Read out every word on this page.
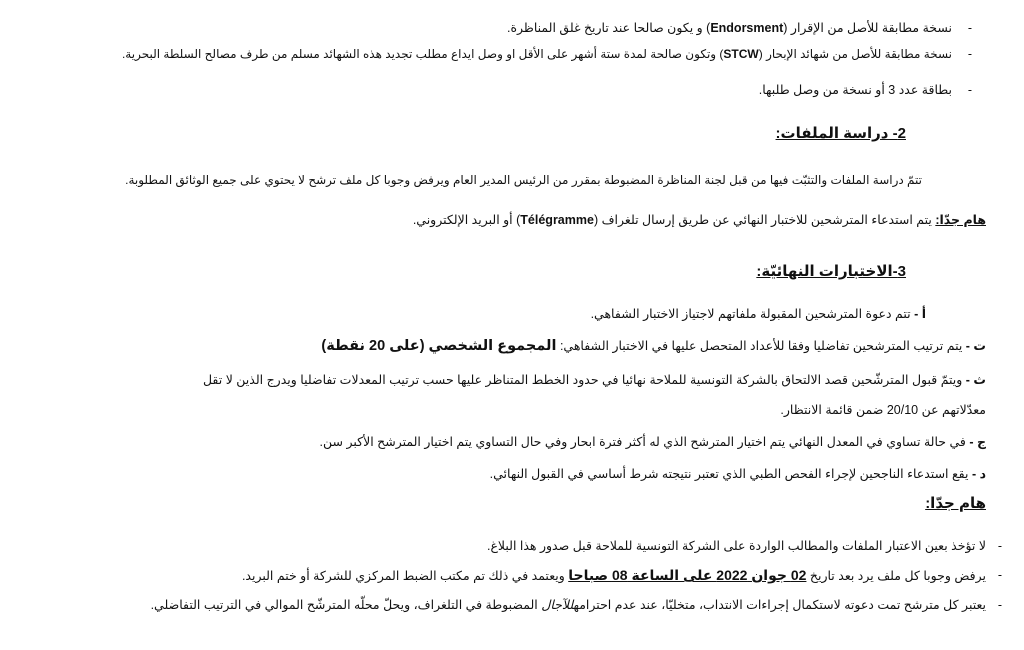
-
نسخة مطابقة للأصل من الإقرار (Endorsment) و يكون صالحا عند تاريخ غلق المناظرة.
-
نسخة مطابقة للأصل من شهائد الإبحار (STCW) وتكون صالحة لمدة ستة أشهر على الأقل او وصل ايداع مطلب تجديد هذه الشهائد مسلم من طرف مصالح السلطة البحرية.
-
بطاقة عدد 3 أو نسخة من وصل طلبها.
2- دراسة الملفات:
تتمّ دراسة الملفات والتثبّت فيها من قبل لجنة المناظرة المضبوطة بمقرر من الرئيس المدير العام ويرفض وجوبا كل ملف ترشح لا يحتوي على جميع الوثائق المطلوبة.
هام جدّا: يتم استدعاء المترشحين للاختبار النهائي عن طريق إرسال تلغراف (Télégramme) أو البريد الإلكتروني.
3-الاختبارات النهائيّة:
أ - تتم دعوة المترشحين المقبولة ملفاتهم لاجتياز الاختبار الشفاهي.
ت - يتم ترتيب المترشحين تفاضليا وفقا للأعداد المتحصل عليها في الاختبار الشفاهي: المجموع الشخصي (على 20 نقطة)
ث - ويتمّ قبول المترشّحين قصد الالتحاق بالشركة التونسية للملاحة نهائيا في حدود الخطط المتناظر عليها حسب ترتيب المعدلات تفاضليا ويدرج الذين لا تقل
معدّلاتهم عن 20/10 ضمن قائمة الانتظار.
ج - في حالة تساوي في المعدل النهائي يتم اختيار المترشح الذي له أكثر فترة ابحار وفي حال التساوي يتم اختيار المترشح الأكبر سن.
د - يقع استدعاء الناجحين لإجراء الفحص الطبي الذي تعتبر نتيجته شرط أساسي في القبول النهائي.
هام جدّا:
-
لا تؤخذ بعين الاعتبار الملفات والمطالب الواردة على الشركة التونسية للملاحة قبل صدور هذا البلاغ.
-
يرفض وجوبا كل ملف يرد بعد تاريخ 02 جوان 2022 على الساعة 08 صباحا ويعتمد في ذلك تم مكتب الضبط المركزي للشركة أو ختم البريد.
-
يعتبر كل مترشح تمت دعوته لاستكمال إجراءات الانتداب، متخليّا، عند عدم احترامهللآجال المضبوطة في التلغراف، ويحلّ محلّه المترشّح الموالي في الترتيب التفاضلي.
